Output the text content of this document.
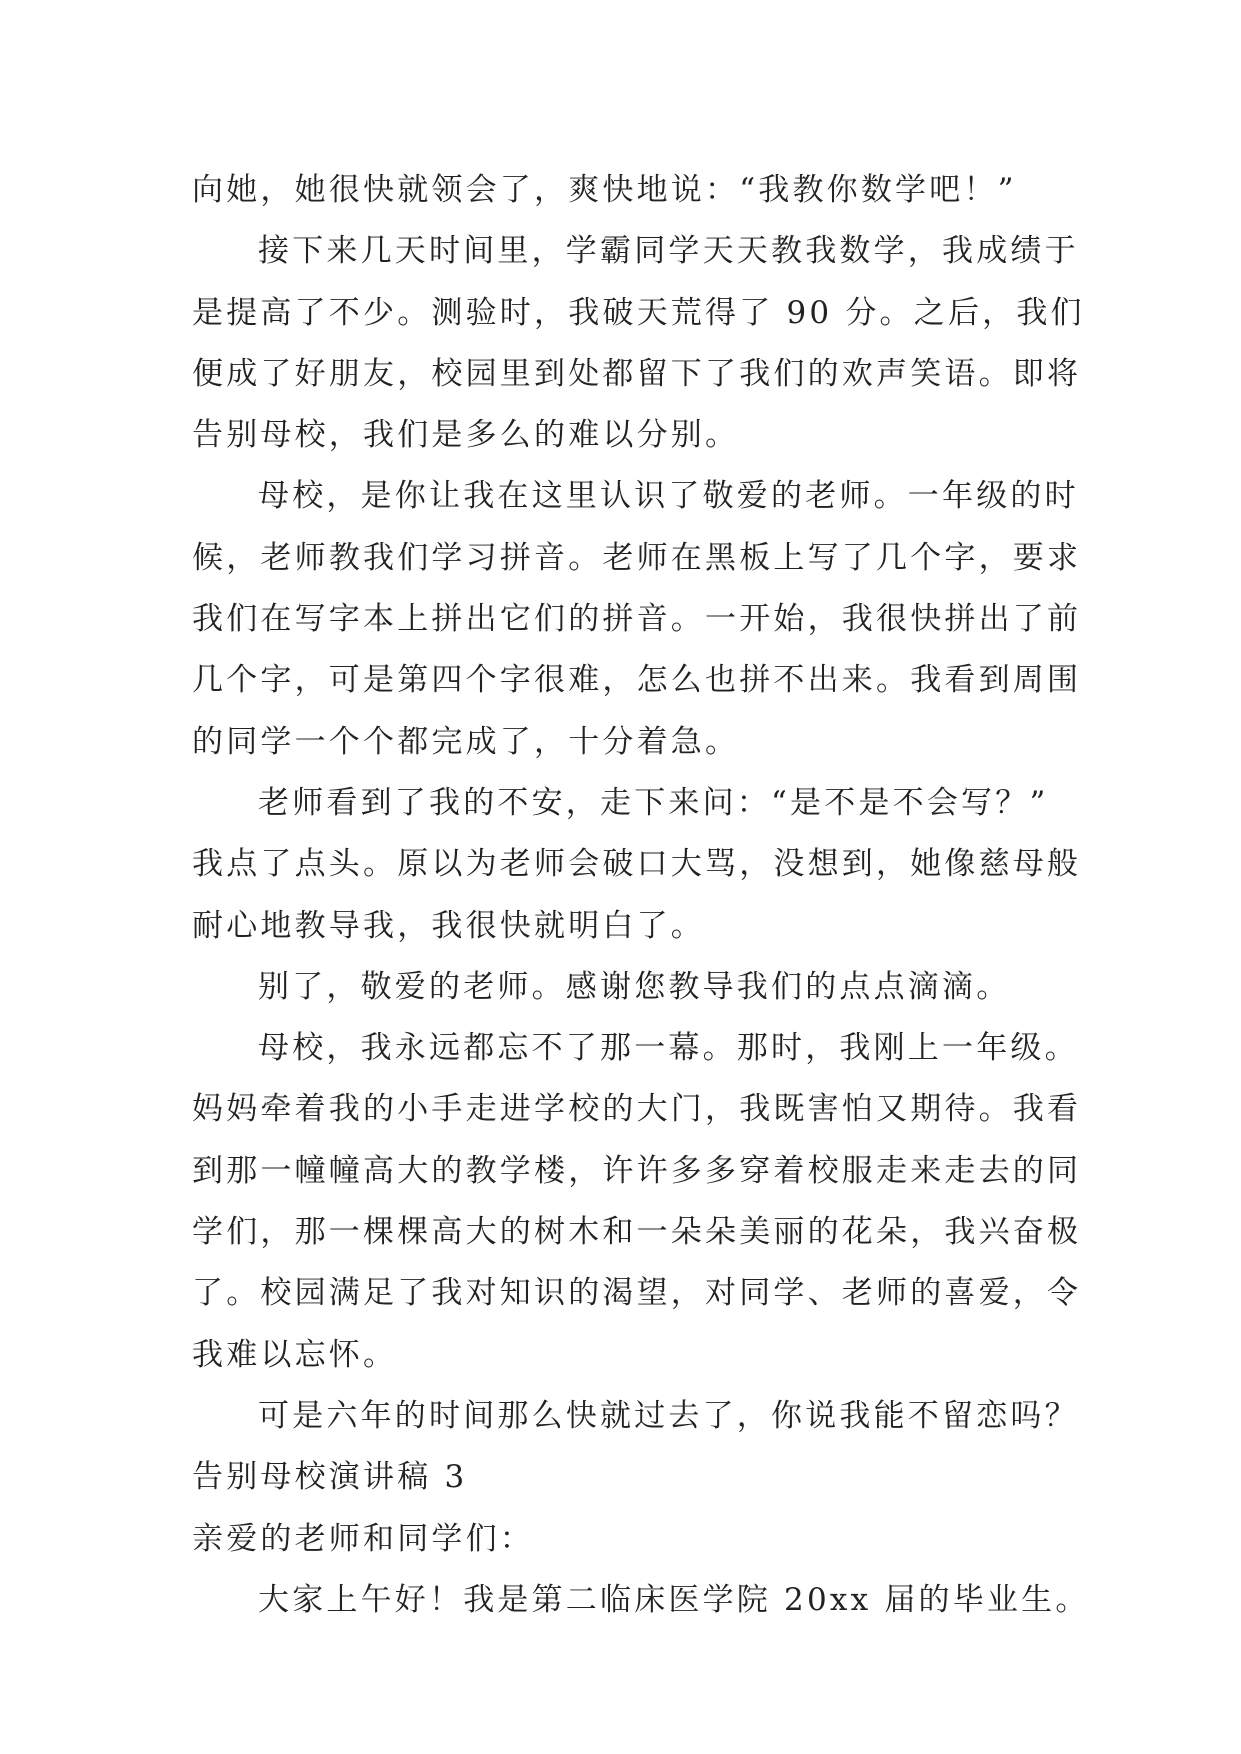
向她，她很快就领会了，爽快地说：“我教你数学吧！”
接下来几天时间里，学霸同学天天教我数学，我成绩于
是提高了不少。测验时，我破天荒得了 90 分。之后，我们
便成了好朋友，校园里到处都留下了我们的欢声笑语。即将
告别母校，我们是多么的难以分别。
母校，是你让我在这里认识了敬爱的老师。一年级的时
候，老师教我们学习拼音。老师在黑板上写了几个字，要求
我们在写字本上拼出它们的拼音。一开始，我很快拼出了前
几个字，可是第四个字很难，怎么也拼不出来。我看到周围
的同学一个个都完成了，十分着急。
老师看到了我的不安，走下来问：“是不是不会写？”
我点了点头。原以为老师会破口大骂，没想到，她像慈母般
耐心地教导我，我很快就明白了。
别了，敬爱的老师。感谢您教导我们的点点滴滴。
母校，我永远都忘不了那一幕。那时，我刚上一年级。
妈妈牵着我的小手走进学校的大门，我既害怕又期待。我看
到那一幢幢高大的教学楼，许许多多穿着校服走来走去的同
学们，那一棵棵高大的树木和一朵朵美丽的花朵，我兴奋极
了。校园满足了我对知识的渴望，对同学、老师的喜爱，令
我难以忘怀。
可是六年的时间那么快就过去了，你说我能不留恋吗？
告别母校演讲稿 3
亲爱的老师和同学们：
大家上午好！我是第二临床医学院 20xx 届的毕业生。
